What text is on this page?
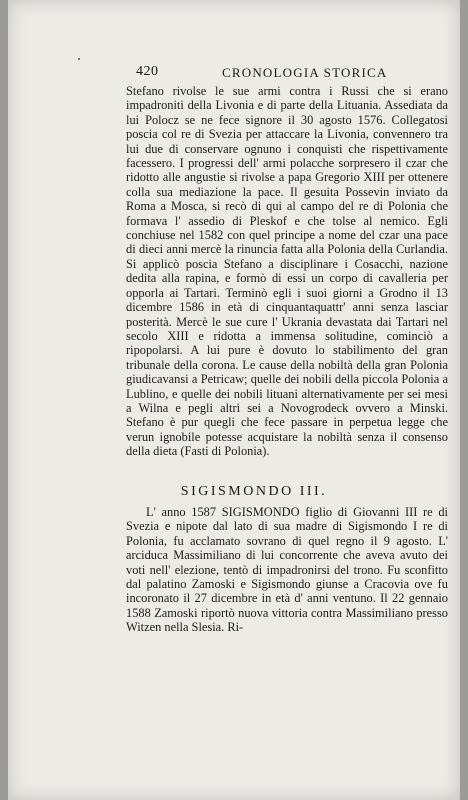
420	CRONOLOGIA STORICA

Stefano rivolse le sue armi contra i Russi che si erano impadroniti della Livonia e di parte della Lituania. Assediata da lui Polocz se ne fece signore il 30 agosto 1576. Collegatosi poscia col re di Svezia per attaccare la Livonia, convennero tra lui due di conservare ognuno i conquisti che rispettivamente facessero. I progressi dell' armi polacche sorpresero il czar che ridotto alle angustie si rivolse a papa Gregorio XIII per ottenere colla sua mediazione la pace. Il gesuita Possevin inviato da Roma a Mosca, si recò di qui al campo del re di Polonia che formava l' assedio di Pleskof e che tolse al nemico. Egli conchiuse nel 1582 con quel principe a nome del czar una pace di dieci anni mercè la rinuncia fatta alla Polonia della Curlandia. Si applicò poscia Stefano a disciplinare i Cosacchi, nazione dedita alla rapina, e formò di essi un corpo di cavalleria per opporla ai Tartari. Terminò egli i suoi giorni a Grodno il 13 dicembre 1586 in età di cinquantaquattr' anni senza lasciar posterità. Mercè le sue cure l' Ukrania devastata dai Tartari nel secolo XIII e ridotta a immensa solitudine, cominciò a ripopolarsi. A lui pure è dovuto lo stabilimento del gran tribunale della corona. Le cause della nobiltà della gran Polonia giudicavansi a Petricaw; quelle dei nobili della piccola Polonia a Lublino, e quelle dei nobili lituani alternativamente per sei mesi a Wilna e pegli altri sei a Novogrodeck ovvero a Minski. Stefano è pur quegli che fece passare in perpetua legge che verun ignobile potesse acquistare la nobiltà senza il consenso della dieta (Fasti di Polonia).

SIGISMONDO III.

L' anno 1587 SIGISMONDO figlio di Giovanni III re di Svezia e nipote dal lato di sua madre di Sigismondo I re di Polonia, fu acclamato sovrano di quel regno il 9 agosto. L' arciduca Massimiliano di lui concorrente che aveva avuto dei voti nell' elezione, tentò di impadronirsi del trono. Fu sconfitto dal palatino Zamoski e Sigismondo giunse a Cracovia ove fu incoronato il 27 dicembre in età d' anni ventuno. Il 22 gennaio 1588 Zamoski riportò nuova vittoria contra Massimiliano presso Witzen nella Slesia. Ri-
